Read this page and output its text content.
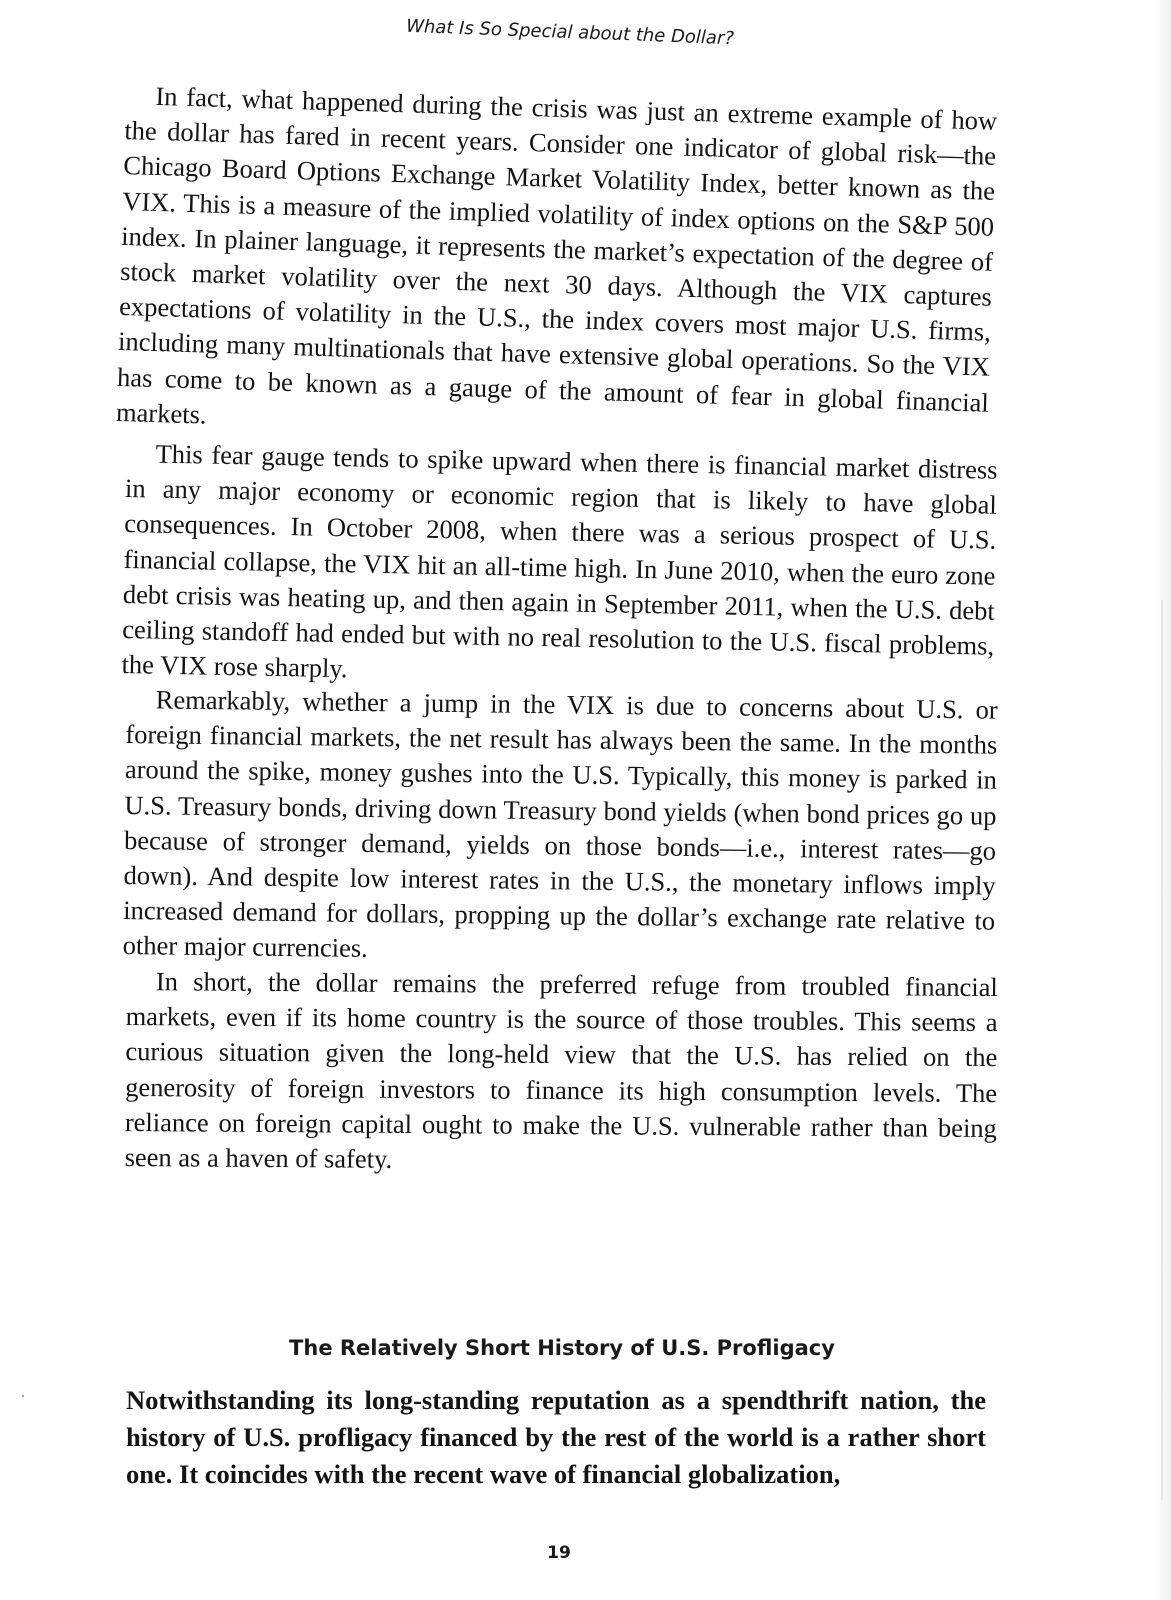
What Is So Special about the Dollar?

In fact, what happened during the crisis was just an extreme example of how the dollar has fared in recent years. Consider one indicator of global risk—the Chicago Board Options Exchange Market Volatility Index, better known as the VIX. This is a measure of the implied volatility of index options on the S&P 500 index. In plainer language, it represents the market’s expectation of the degree of stock market volatility over the next 30 days. Although the VIX captures expectations of volatility in the U.S., the index covers most major U.S. firms, including many multinationals that have extensive global operations. So the VIX has come to be known as a gauge of the amount of fear in global financial markets.

This fear gauge tends to spike upward when there is financial market distress in any major economy or economic region that is likely to have global consequences. In October 2008, when there was a serious prospect of U.S. financial collapse, the VIX hit an all-time high. In June 2010, when the euro zone debt crisis was heating up, and then again in September 2011, when the U.S. debt ceiling standoff had ended but with no real resolution to the U.S. fiscal problems, the VIX rose sharply.

Remarkably, whether a jump in the VIX is due to concerns about U.S. or foreign financial markets, the net result has always been the same. In the months around the spike, money gushes into the U.S. Typically, this money is parked in U.S. Treasury bonds, driving down Treasury bond yields (when bond prices go up because of stronger demand, yields on those bonds—i.e., interest rates—go down). And despite low interest rates in the U.S., the monetary inflows imply increased demand for dollars, propping up the dollar’s exchange rate relative to other major currencies.

In short, the dollar remains the preferred refuge from troubled financial markets, even if its home country is the source of those troubles. This seems a curious situation given the long-held view that the U.S. has relied on the generosity of foreign investors to finance its high consumption levels. The reliance on foreign capital ought to make the U.S. vulnerable rather than being seen as a haven of safety.

The Relatively Short History of U.S. Profligacy

Notwithstanding its long-standing reputation as a spendthrift nation, the history of U.S. profligacy financed by the rest of the world is a rather short one. It coincides with the recent wave of financial globalization,

19
